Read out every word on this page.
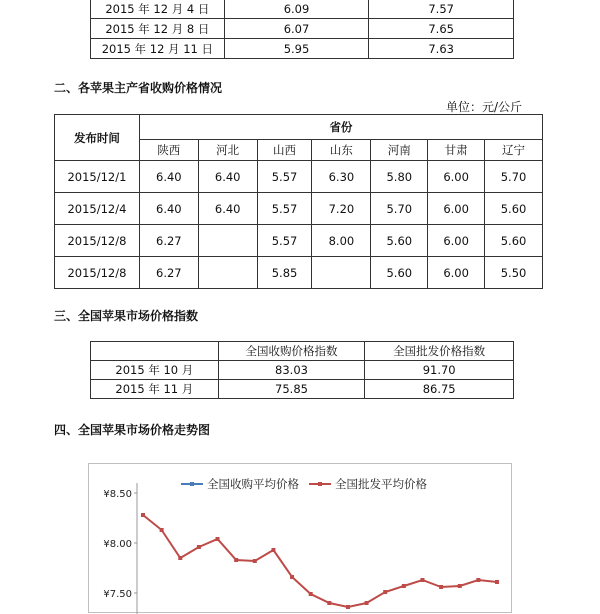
2015 年 12 月 4 日	6.09	7.57
2015 年 12 月 8 日	6.07	7.65
2015 年 12 月 11 日	5.95	7.63
二、各苹果主产省收购价格情况
单位：元/公斤
发布时间	省份						
	陕西	河北	山西	山东	河南	甘肃	辽宁
2015/12/1	6.40	6.40	5.57	6.30	5.80	6.00	5.70
2015/12/4	6.40	6.40	5.57	7.20	5.70	6.00	5.60
2015/12/8	6.27		5.57	8.00	5.60	6.00	5.60
2015/12/8	6.27		5.85		5.60	6.00	5.50
三、全国苹果市场价格指数
	全国收购价格指数	全国批发价格指数
2015 年 10 月	83.03	91.70
2015 年 11 月	75.85	86.75
四、全国苹果市场价格走势图
¥8.50
¥8.00
¥7.50
全国收购平均价格	全国批发平均价格
